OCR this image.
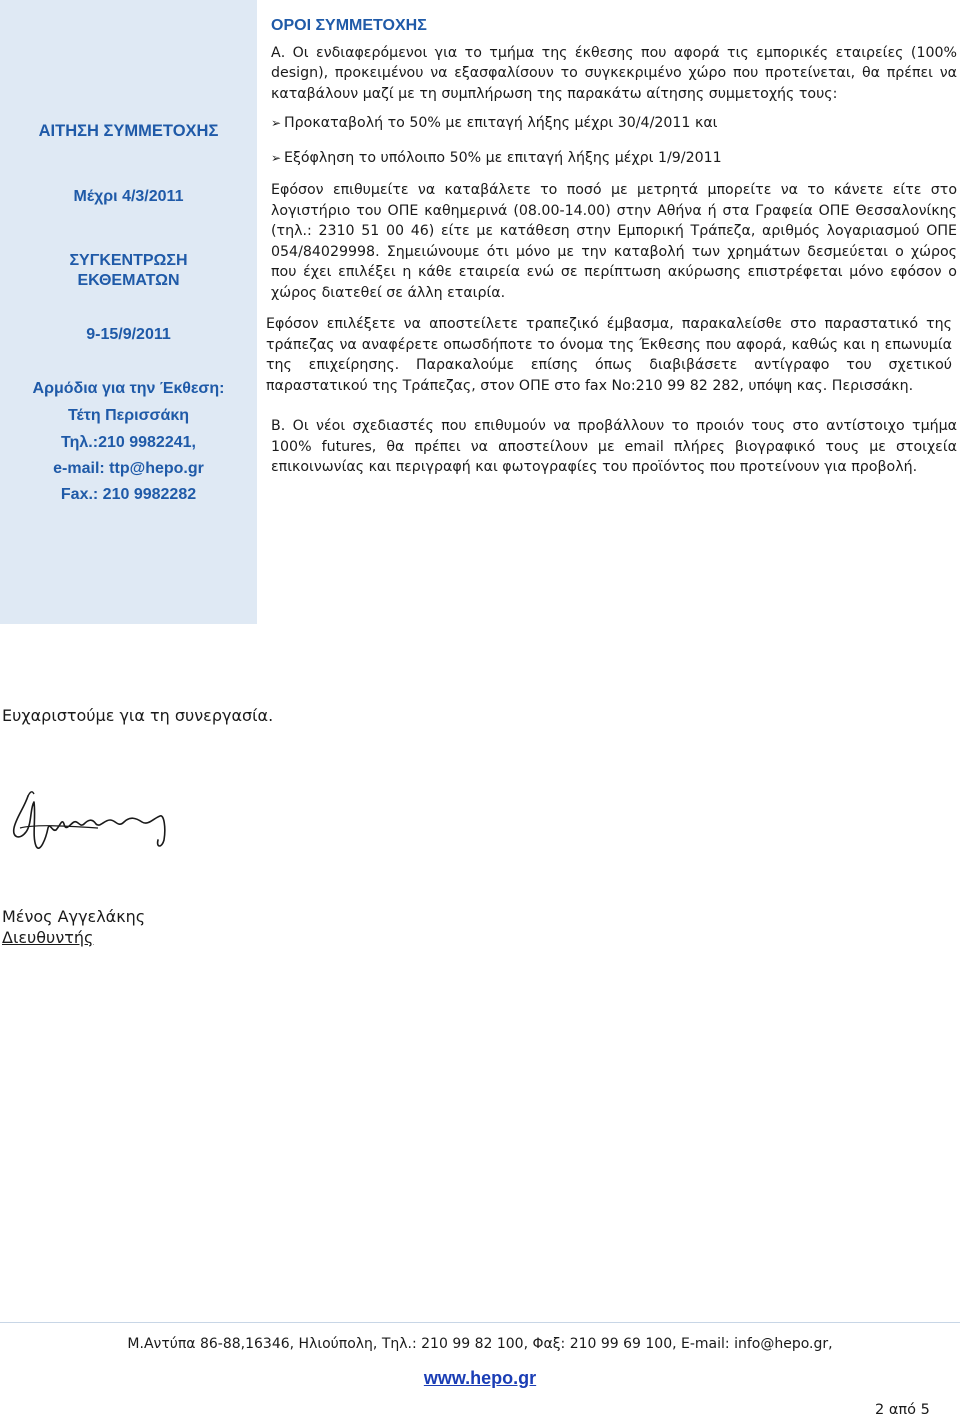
ΑΙΤΗΣΗ ΣΥΜΜΕΤΟΧΗΣ
Μέχρι 4/3/2011
ΣΥΓΚΕΝΤΡΩΣΗ
ΕΚΘΕΜΑΤΩΝ
9-15/9/2011
Αρμόδια για την Έκθεση:
Τέτη Περισσάκη
Τηλ.:210 9982241,
e-mail: ttp@hepo.gr
Fax.: 210 9982282
ΟΡΟΙ ΣΥΜΜΕΤΟΧΗΣ

Α. Οι ενδιαφερόμενοι για το τμήμα της έκθεσης που αφορά τις εμπορικές εταιρείες (100% design), προκειμένου να εξασφαλίσουν το συγκεκριμένο χώρο που προτείνεται, θα πρέπει να καταβάλουν μαζί με τη συμπλήρωση της παρακάτω αίτησης συμμετοχής τους:

➢ Προκαταβολή το 50% με επιταγή λήξης μέχρι 30/4/2011 και
➢ Εξόφληση το υπόλοιπο 50% με επιταγή λήξης μέχρι 1/9/2011

Εφόσον επιθυμείτε να καταβάλετε το ποσό με μετρητά μπορείτε να το κάνετε είτε στο λογιστήριο του ΟΠΕ καθημερινά (08.00-14.00) στην Αθήνα ή στα Γραφεία ΟΠΕ Θεσσαλονίκης (τηλ.: 2310 51 00 46) είτε με κατάθεση στην Εμπορική Τράπεζα, αριθμός λογαριασμού ΟΠΕ 054/84029998. Σημειώνουμε ότι μόνο με την καταβολή των χρημάτων δεσμεύεται ο χώρος που έχει επιλέξει η κάθε εταιρεία ενώ σε περίπτωση ακύρωσης επιστρέφεται μόνο εφόσον ο χώρος διατεθεί σε άλλη εταιρία.

Εφόσον επιλέξετε να αποστείλετε τραπεζικό έμβασμα, παρακαλείσθε στο παραστατικό της τράπεζας να αναφέρετε οπωσδήποτε το όνομα της Έκθεσης που αφορά, καθώς και η επωνυμία της επιχείρησης. Παρακαλούμε επίσης όπως διαβιβάσετε αντίγραφο του σχετικού παραστατικού της Τράπεζας, στον ΟΠΕ στο fax Νο:210 99 82 282, υπόψη κας. Περισσάκη.

Β. Οι νέοι σχεδιαστές που επιθυμούν να προβάλλουν το προιόν τους στο αντίστοιχο τμήμα 100% futures, θα πρέπει να αποστείλουν με email πλήρες βιογραφικό τους με στοιχεία επικοινωνίας και περιγραφή και φωτογραφίες του προϊόντος που προτείνουν για προβολή.

Ευχαριστούμε για τη συνεργασία.
Μένος Αγγελάκης
Διευθυντής
Μ.Αντύπα 86-88,16346, Ηλιούπολη, Τηλ.: 210 99 82 100, Φαξ: 210 99 69 100, E-mail: info@hepo.gr,
www.hepo.gr
2 από 5
